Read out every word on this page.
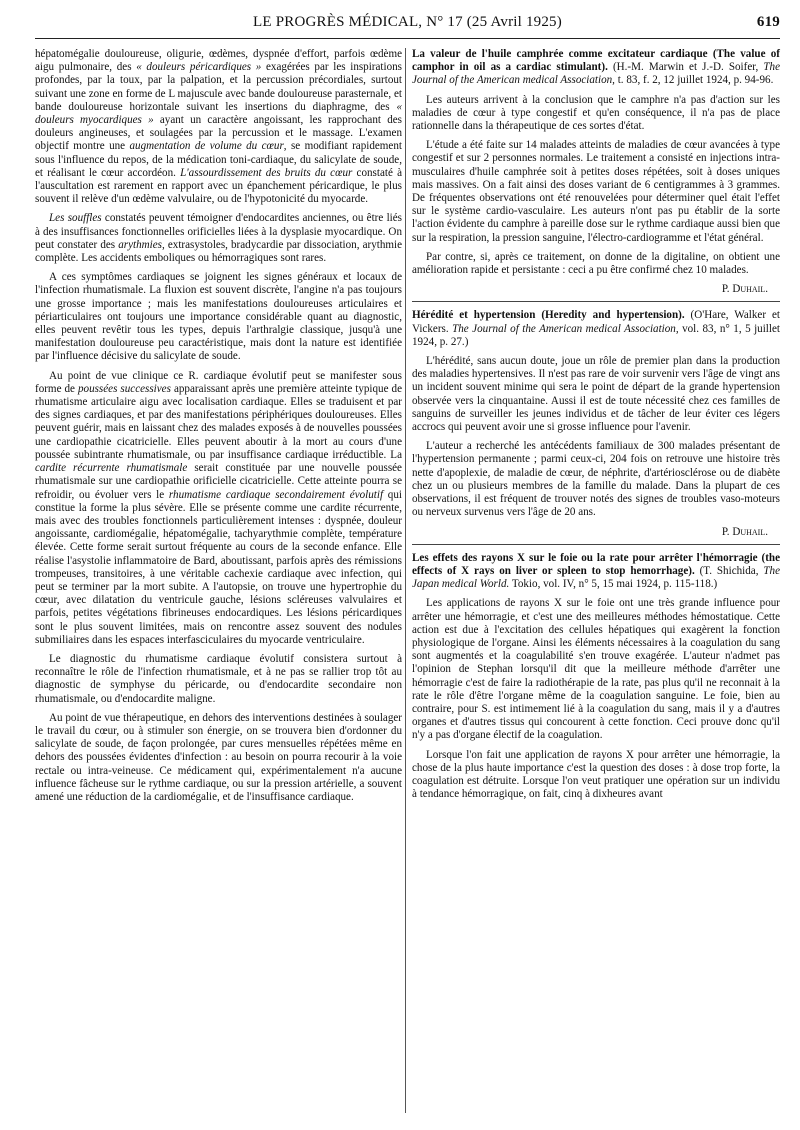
LE PROGRÈS MÉDICAL, N° 17 (25 Avril 1925)	619

hépatomégalie douloureuse, oligurie, œdèmes, dyspnée d'effort, parfois œdème aigu pulmonaire, des « douleurs péricardiques » exagérées par les inspirations profondes, par la toux, par la palpation, et la percussion précordiales, surtout suivant une zone en forme de L majuscule avec bande douloureuse parasternale, et bande douloureuse horizontale suivant les insertions du diaphragme, des « douleurs myocardiques » ayant un caractère angoissant, les rapprochant des douleurs angineuses, et soulagées par la percussion et le massage. L'examen objectif montre une augmentation de volume du cœur, se modifiant rapidement sous l'influence du repos, de la médication toni-cardiaque, du salicylate de soude, et réalisant le cœur accordéon. L'assourdissement des bruits du cœur constaté à l'auscultation est rarement en rapport avec un épanchement péricardique, le plus souvent il relève d'un œdème valvulaire, ou de l'hypotonicité du myocarde.

Les souffles constatés peuvent témoigner d'endocardites anciennes, ou être liés à des insuffisances fonctionnelles orificielles liées à la dysplasie myocardique. On peut constater des arythmies, extrasystoles, bradycardie par dissociation, arythmie complète. Les accidents emboliques ou hémorragiques sont rares.

A ces symptômes cardiaques se joignent les signes généraux et locaux de l'infection rhumatismale. La fluxion est souvent discrète, l'angine n'a pas toujours une grosse importance ; mais les manifestations douloureuses articulaires et périarticulaires ont toujours une importance considérable quant au diagnostic, elles peuvent revêtir tous les types, depuis l'arthralgie classique, jusqu'à une manifestation douloureuse peu caractéristique, mais dont la nature est identifiée par l'influence décisive du salicylate de soude.

Au point de vue clinique ce R. cardiaque évolutif peut se manifester sous forme de poussées successives apparaissant après une première atteinte typique de rhumatisme articulaire aigu avec localisation cardiaque. Elles se traduisent et par des signes cardiaques, et par des manifestations périphériques douloureuses. Elles peuvent guérir, mais en laissant chez des malades exposés à de nouvelles poussées une cardiopathie cicatricielle. Elles peuvent aboutir à la mort au cours d'une poussée subintrante rhumatismale, ou par insuffisance cardiaque irréductible. La cardite récurrente rhumatismale serait constituée par une nouvelle poussée rhumatismale sur une cardiopathie orificielle cicatricielle. Cette atteinte pourra se refroidir, ou évoluer vers le rhumatisme cardiaque secondairement évolutif qui constitue la forme la plus sévère. Elle se présente comme une cardite récurrente, mais avec des troubles fonctionnels particulièrement intenses : dyspnée, douleur angoissante, cardiomégalie, hépatomégalie, tachyarythmie complète, température élevée. Cette forme serait surtout fréquente au cours de la seconde enfance. Elle réalise l'asystolie inflammatoire de Bard, aboutissant, parfois après des rémissions trompeuses, transitoires, à une véritable cachexie cardiaque avec infection, qui peut se terminer par la mort subite. A l'autopsie, on trouve une hypertrophie du cœur, avec dilatation du ventricule gauche, lésions scléreuses valvulaires et parfois, petites végétations fibrineuses endocardiques. Les lésions péricardiques sont le plus souvent limitées, mais on rencontre assez souvent des nodules submiliaires dans les espaces interfasciculaires du myocarde ventriculaire.

Le diagnostic du rhumatisme cardiaque évolutif consistera surtout à reconnaître le rôle de l'infection rhumatismale, et à ne pas se rallier trop tôt au diagnostic de symphyse du péricarde, ou d'endocardite secondaire non rhumatismale, ou d'endocardite maligne.

Au point de vue thérapeutique, en dehors des interventions destinées à soulager le travail du cœur, ou à stimuler son énergie, on se trouvera bien d'ordonner du salicylate de soude, de façon prolongée, par cures mensuelles répétées même en dehors des poussées évidentes d'infection : au besoin on pourra recourir à la voie rectale ou intra-veineuse. Ce médicament qui, expérimentalement n'a aucune influence fâcheuse sur le rythme cardiaque, ou sur la pression artérielle, a souvent amené une réduction de la cardiomégalie, et de l'insuffisance cardiaque.

La valeur de l'huile camphrée comme excitateur cardiaque (The value of camphor in oil as a cardiac stimulant). (H.-M. Marwin et J.-D. Soifer, The Journal of the American medical Association, t. 83, f. 2, 12 juillet 1924, p. 94-96.

Les auteurs arrivent à la conclusion que le camphre n'a pas d'action sur les maladies de cœur à type congestif et qu'en conséquence, il n'a pas de place rationnelle dans la thérapeutique de ces sortes d'état.

L'étude a été faite sur 14 malades atteints de maladies de cœur avancées à type congestif et sur 2 personnes normales. Le traitement a consisté en injections intra-musculaires d'huile camphrée soit à petites doses répétées, soit à doses uniques mais massives. On a fait ainsi des doses variant de 6 centigrammes à 3 grammes. De fréquentes observations ont été renouvelées pour déterminer quel était l'effet sur le système cardio-vasculaire. Les auteurs n'ont pas pu établir de la sorte l'action évidente du camphre à pareille dose sur le rythme cardiaque aussi bien que sur la respiration, la pression sanguine, l'électro-cardiogramme et l'état général.

Par contre, si, après ce traitement, on donne de la digitaline, on obtient une amélioration rapide et persistante : ceci a pu être confirmé chez 10 malades.

P. Duhail.

Hérédité et hypertension (Heredity and hypertension). (O'Hare, Walker et Vickers. The Journal of the American medical Association, vol. 83, n° 1, 5 juillet 1924, p. 27.)

L'hérédité, sans aucun doute, joue un rôle de premier plan dans la production des maladies hypertensives. Il n'est pas rare de voir survenir vers l'âge de vingt ans un incident souvent minime qui sera le point de départ de la grande hypertension observée vers la cinquantaine. Aussi il est de toute nécessité chez ces familles de sanguins de surveiller les jeunes individus et de tâcher de leur éviter ces légers accrocs qui peuvent avoir une si grosse influence pour l'avenir.

L'auteur a recherché les antécédents familiaux de 300 malades présentant de l'hypertension permanente ; parmi ceux-ci, 204 fois on retrouve une histoire très nette d'apoplexie, de maladie de cœur, de néphrite, d'artériosclérose ou de diabète chez un ou plusieurs membres de la famille du malade. Dans la plupart de ces observations, il est fréquent de trouver notés des signes de troubles vaso-moteurs ou nerveux survenus vers l'âge de 20 ans.

P. Duhail.

Les effets des rayons X sur le foie ou la rate pour arrêter l'hémorragie (the effects of X rays on liver or spleen to stop hemorrhage). (T. Shichida, The Japan medical World. Tokio, vol. IV, n° 5, 15 mai 1924, p. 115-118.)

Les applications de rayons X sur le foie ont une très grande influence pour arrêter une hémorragie, et c'est une des meilleures méthodes hémostatique. Cette action est due à l'excitation des cellules hépatiques qui exagèrent la fonction physiologique de l'organe. Ainsi les éléments nécessaires à la coagulation du sang sont augmentés et la coagulabilité s'en trouve exagérée. L'auteur n'admet pas l'opinion de Stephan lorsqu'il dit que la meilleure méthode d'arrêter une hémorragie c'est de faire la radiothérapie de la rate, pas plus qu'il ne reconnait à la rate le rôle d'être l'organe même de la coagulation sanguine. Le foie, bien au contraire, pour S. est intimement lié à la coagulation du sang, mais il y a d'autres organes et d'autres tissus qui concourent à cette fonction. Ceci prouve donc qu'il n'y a pas d'organe électif de la coagulation.

Lorsque l'on fait une application de rayons X pour arrêter une hémorragie, la chose de la plus haute importance c'est la question des doses : à dose trop forte, la coagulation est détruite. Lorsque l'on veut pratiquer une opération sur un individu à tendance hémorragique, on fait, cinq à dixheures avant
